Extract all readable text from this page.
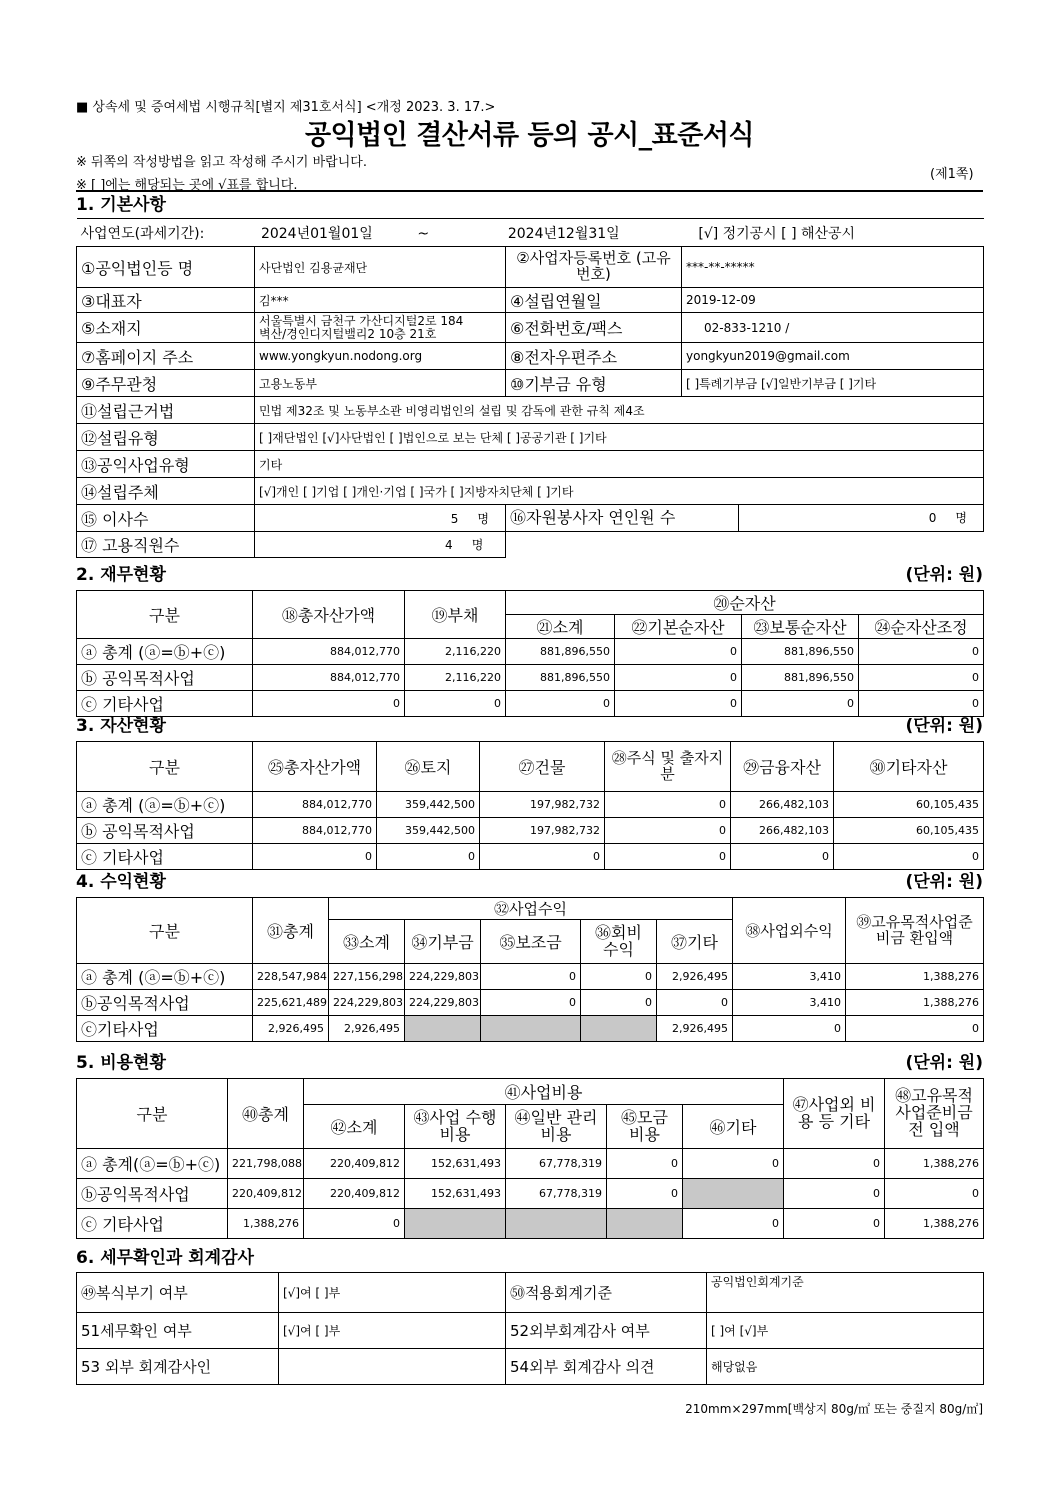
■ 상속세 및 증여세법 시행규칙[별지 제31호서식] <개정 2023. 3. 17.>
공익법인 결산서류 등의 공시_표준서식
※ 뒤쪽의 작성방법을 읽고 작성해 주시기 바랍니다.
※ [ ]에는 해당되는 곳에 √표를 합니다.
(제1쪽)
1. 기본사항
사업연도(과세기간): 2024년01월01일 ~ 2024년12월31일 [√] 정기공시 [ ] 해산공시			
①공익법인등 명	사단법인 김용균재단	②사업자등록번호 (고유번호)	***-**-*****
③대표자	김***	④설립연월일	2019-12-09
⑤소재지	서울특별시 금천구 가산디지털2로 184
벽산/경인디지털밸리2 10층 21호	⑥전화번호/팩스	02-833-1210 /
⑦홈페이지 주소	www.yongkyun.nodong.org	⑧전자우편주소	yongkyun2019@gmail.com
⑨주무관청	고용노동부	⑩기부금 유형	[ ]특례기부금 [√]일반기부금 [ ]기타
⑪설립근거법	민법 제32조 및 노동부소관 비영리법인의 설립 및 감독에 관한 규칙 제4조		
⑫설립유형	[ ]재단법인 [√]사단법인 [ ]법인으로 보는 단체 [ ]공공기관 [ ]기타		
⑬공익사업유형	기타		
⑭설립주체	[√]개인 [ ]기업 [ ]개인·기업 [ ]국가 [ ]지방자치단체 [ ]기타		
⑮ 이사수	5 명	⑯자원봉사자 연인원 수 0 명	

⑰ 고용직원수	4 명		
2. 재무현황	(단위: 원)
구분	⑱총자산가액	⑲부채	⑳순자산			
			㉑소계	㉒기본순자산	㉓보통순자산	㉔순자산조정
ⓐ 총계 (ⓐ=ⓑ+ⓒ)	884,012,770	2,116,220	881,896,550	0	881,896,550	0
ⓑ 공익목적사업	884,012,770	2,116,220	881,896,550	0	881,896,550	0
ⓒ 기타사업	0	0	0	0	0	0
3. 자산현황	(단위: 원)
구분	㉕총자산가액	㉖토지	㉗건물	㉘주식 및 출자지분	㉙금융자산	㉚기타자산
ⓐ 총계 (ⓐ=ⓑ+ⓒ)	884,012,770	359,442,500	197,982,732	0	266,482,103	60,105,435
ⓑ 공익목적사업	884,012,770	359,442,500	197,982,732	0	266,482,103	60,105,435
ⓒ 기타사업	0	0	0	0	0	0
4. 수익현황	(단위: 원)
구분	㉛총계	㉜사업수익					㊳사업외수익	㊴고유목적사업준비금 환입액
		㉝소계	㉞기부금	㉟보조금	㊱회비 수익	㊲기타		
ⓐ 총계 (ⓐ=ⓑ+ⓒ)	228,547,984	227,156,298	224,229,803	0	0	2,926,495	3,410	1,388,276
ⓑ공익목적사업	225,621,489	224,229,803	224,229,803	0	0	0	3,410	1,388,276
ⓒ기타사업	2,926,495	2,926,495				2,926,495	0	0
5. 비용현황	(단위: 원)
구분	㊵총계	㊶사업비용					㊼사업외 비용 등 기타	㊽고유목적 사업준비금전 입액
		㊷소계	㊸사업 수행비용	㊹일반 관리비용	㊺모금 비용	㊻기타		
ⓐ 총계(ⓐ=ⓑ+ⓒ)	221,798,088	220,409,812	152,631,493	67,778,319	0	0	0	1,388,276
ⓑ공익목적사업	220,409,812	220,409,812	152,631,493	67,778,319	0		0	0
ⓒ 기타사업	1,388,276	0				0	0	1,388,276
6. 세무확인과 회계감사
㊾복식부기 여부	[√]여 [ ]부	㊿적용회계기준	공익법인회계기준
51세무확인 여부	[√]여 [ ]부	52외부회계감사 여부	[ ]여 [√]부
53 외부 회계감사인		54외부 회계감사 의견	해당없음
210mm×297mm[백상지 80g/㎡ 또는 중질지 80g/㎡]
